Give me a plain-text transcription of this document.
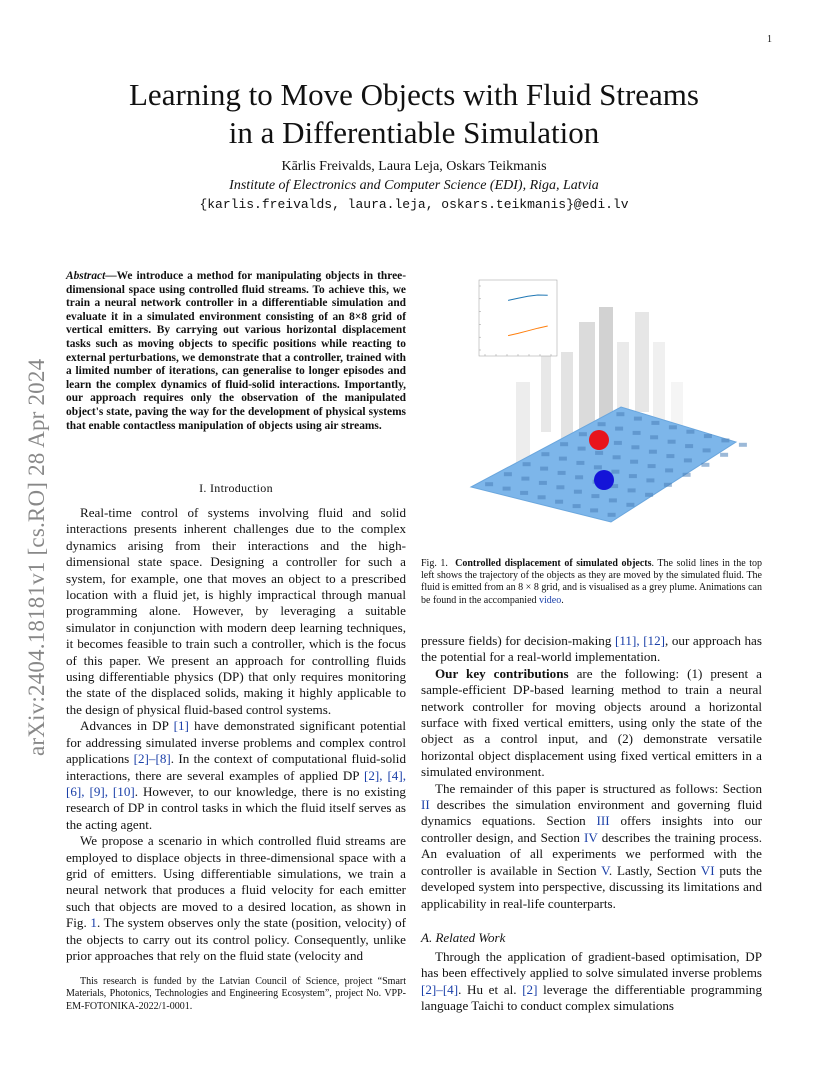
1
arXiv:2404.18181v1 [cs.RO] 28 Apr 2024
Learning to Move Objects with Fluid Streams
in a Differentiable Simulation
Kārlis Freivalds, Laura Leja, Oskars Teikmanis
Institute of Electronics and Computer Science (EDI), Riga, Latvia
{karlis.freivalds, laura.leja, oskars.teikmanis}@edi.lv
Abstract—We introduce a method for manipulating objects in three-dimensional space using controlled fluid streams. To achieve this, we train a neural network controller in a differentiable simulation and evaluate it in a simulated environment consisting of an 8×8 grid of vertical emitters. By carrying out various horizontal displacement tasks such as moving objects to specific positions while reacting to external perturbations, we demonstrate that a controller, trained with a limited number of iterations, can generalise to longer episodes and learn the complex dynamics of fluid-solid interactions. Importantly, our approach requires only the observation of the manipulated object's state, paving the way for the development of physical systems that enable contactless manipulation of objects using air streams.
I. Introduction

Real-time control of systems involving fluid and solid interactions presents inherent challenges due to the complex dynamics arising from their interactions and the high-dimensional state space. Designing a controller for such a system, for example, one that moves an object to a prescribed location with a fluid jet, is highly impractical through manual programming alone. However, by leveraging a suitable simulator in conjunction with modern deep learning techniques, it becomes feasible to train such a controller, which is the focus of this paper. We present an approach for controlling fluids using differentiable physics (DP) that only requires monitoring the state of the displaced solids, making it highly applicable to the design of physical fluid-based control systems.

Advances in DP [1] have demonstrated significant potential for addressing simulated inverse problems and complex control applications [2]–[8]. In the context of computational fluid-solid interactions, there are several examples of applied DP [2], [4], [6], [9], [10]. However, to our knowledge, there is no existing research of DP in control tasks in which the fluid itself serves as the acting agent.

We propose a scenario in which controlled fluid streams are employed to displace objects in three-dimensional space with a grid of emitters. Using differentiable simulations, we train a neural network that produces a fluid velocity for each emitter such that objects are moved to a desired location, as shown in Fig. 1. The system observes only the state (position, velocity) of the objects to carry out its control policy. Consequently, unlike prior approaches that rely on the fluid state (velocity and

This research is funded by the Latvian Council of Science, project “Smart Materials, Photonics, Technologies and Engineering Ecosystem”, project No. VPP-EM-FOTONIKA-2022/1-0001.
Fig. 1. Controlled displacement of simulated objects. The solid lines in the top left shows the trajectory of the objects as they are moved by the simulated fluid. The fluid is emitted from an 8 × 8 grid, and is visualised as a grey plume. Animations can be found in the accompanied video.

pressure fields) for decision-making [11], [12], our approach has the potential for a real-world implementation.

Our key contributions are the following: (1) present a sample-efficient DP-based learning method to train a neural network controller for moving objects around a horizontal surface with fixed vertical emitters, using only the state of the object as a control input, and (2) demonstrate versatile horizontal object displacement using fixed vertical emitters in a simulated environment.

The remainder of this paper is structured as follows: Section II describes the simulation environment and governing fluid dynamics equations. Section III offers insights into our controller design, and Section IV describes the training process. An evaluation of all experiments we performed with the controller is available in Section V. Lastly, Section VI puts the developed system into perspective, discussing its limitations and applicability in real-life counterparts.

A. Related Work

Through the application of gradient-based optimisation, DP has been effectively applied to solve simulated inverse problems [2]–[4]. Hu et al. [2] leverage the differentiable programming language Taichi to conduct complex simulations
